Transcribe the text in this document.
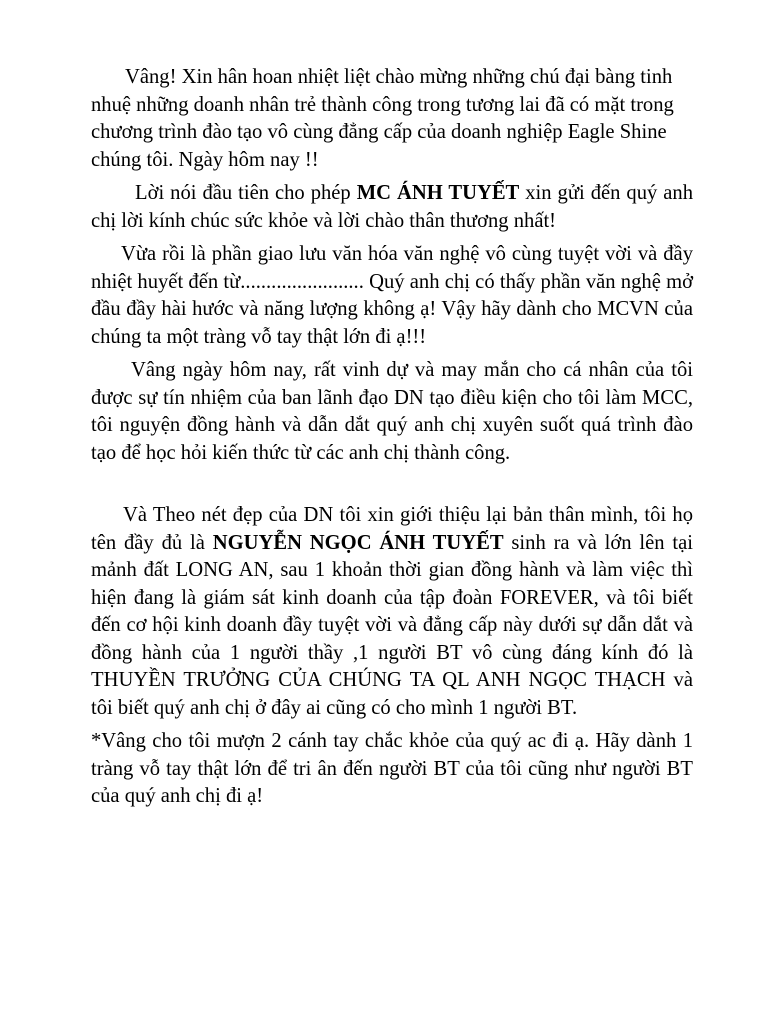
Vâng! Xin hân hoan nhiệt liệt chào mừng những chú đại bàng tinh nhuệ những doanh nhân trẻ thành công trong tương lai đã có mặt trong chương trình đào tạo vô cùng đẳng cấp của doanh nghiệp Eagle Shine chúng tôi. Ngày hôm nay !!

Lời nói đầu tiên cho phép MC ÁNH TUYẾT xin gửi đến quý anh chị lời kính chúc sức khỏe và lời chào thân thương nhất!

Vừa rồi là phần giao lưu văn hóa văn nghệ vô cùng tuyệt vời và đầy nhiệt huyết đến từ........................ Quý anh chị có thấy phần văn nghệ mở đầu đầy hài hước và năng lượng không ạ! Vậy hãy dành cho MCVN của chúng ta một tràng vỗ tay thật lớn đi ạ!!!

Vâng ngày hôm nay, rất vinh dự và may mắn cho cá nhân của tôi được sự tín nhiệm của ban lãnh đạo DN tạo điều kiện cho tôi làm MCC, tôi nguyện đồng hành và dẫn dắt quý anh chị xuyên suốt quá trình đào tạo để học hỏi kiến thức từ các anh chị thành công.

Và Theo nét đẹp của DN tôi xin giới thiệu lại bản thân mình, tôi họ tên đầy đủ là NGUYỄN NGỌC ÁNH TUYẾT sinh ra và lớn lên tại mảnh đất LONG AN, sau 1 khoản thời gian đồng hành và làm việc thì hiện đang là giám sát kinh doanh của tập đoàn FOREVER, và tôi biết đến cơ hội kinh doanh đầy tuyệt vời và đẳng cấp này dưới sự dẫn dắt và đồng hành của 1 người thầy ,1 người BT vô cùng đáng kính đó là THUYỀN TRƯỞNG CỦA CHÚNG TA QL ANH NGỌC THẠCH và tôi biết quý anh chị ở đây ai cũng có cho mình 1 người BT.

*Vâng cho tôi mượn 2 cánh tay chắc khỏe của quý ac đi ạ. Hãy dành 1 tràng vỗ tay thật lớn để tri ân đến người BT của tôi cũng như người BT của quý anh chị đi ạ!
